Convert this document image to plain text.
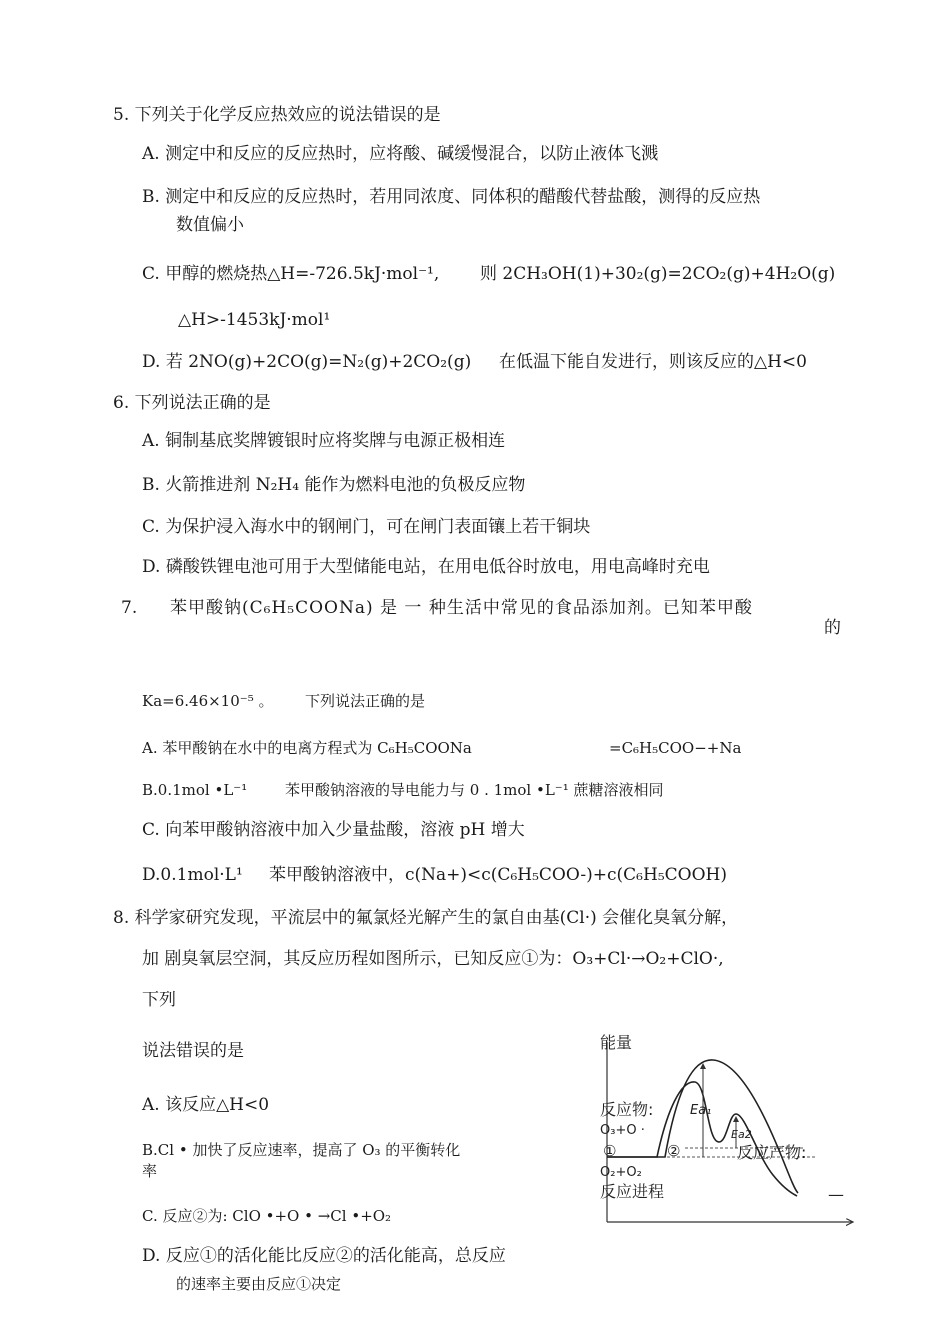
5. 下列关于化学反应热效应的说法错误的是
A. 测定中和反应的反应热时，应将酸、碱缓慢混合，以防止液体飞溅
B. 测定中和反应的反应热时，若用同浓度、同体积的醋酸代替盐酸，测得的反应热
数值偏小
C. 甲醇的燃烧热△H=-726.5kJ·mol⁻¹, 则 2CH₃OH(1)+30₂(g)=2CO₂(g)+4H₂O(g)
△H>-1453kJ·mol¹
D. 若 2NO(g)+2CO(g)=N₂(g)+2CO₂(g) 在低温下能自发进行，则该反应的△H<0
6. 下列说法正确的是
A. 铜制基底奖牌镀银时应将奖牌与电源正极相连
B. 火箭推进剂 N₂H₄ 能作为燃料电池的负极反应物
C. 为保护浸入海水中的钢闸门，可在闸门表面镶上若干铜块
D. 磷酸铁锂电池可用于大型储能电站，在用电低谷时放电，用电高峰时充电
7. 苯甲酸钠(C₆H₅COONa) 是 一 种生活中常见的食品添加剂。已知苯甲酸
的
Ka=6.46×10⁻⁵ 。 下列说法正确的是
A. 苯甲酸钠在水中的电离方程式为 C₆H₅COONa	=C₆H₅COO−+Na
B.0.1mol •L⁻¹	苯甲酸钠溶液的导电能力与 0 . 1mol •L⁻¹ 蔗糖溶液相同
C. 向苯甲酸钠溶液中加入少量盐酸，溶液 pH 增大
D.0.1mol·L¹ 苯甲酸钠溶液中，c(Na+)<c(C₆H₅COO-)+c(C₆H₅COOH)
8. 科学家研究发现，平流层中的氟氯烃光解产生的氯自由基(Cl·) 会催化臭氧分解，
加 剧臭氧层空洞，其反应历程如图所示，已知反应①为：O₃+Cl·→O₂+ClO·,
下列
说法错误的是
A. 该反应△H<0
B.Cl • 加快了反应速率，提高了 O₃ 的平衡转化
率
C. 反应②为: ClO •+O • →Cl •+O₂
D. 反应①的活化能比反应②的活化能高，总反应
的速率主要由反应①决定
能量
反应物:	Ea₁
O₃+O ·	Ea2
①	②	反应产物:
O₂+O₂
反应进程	—
